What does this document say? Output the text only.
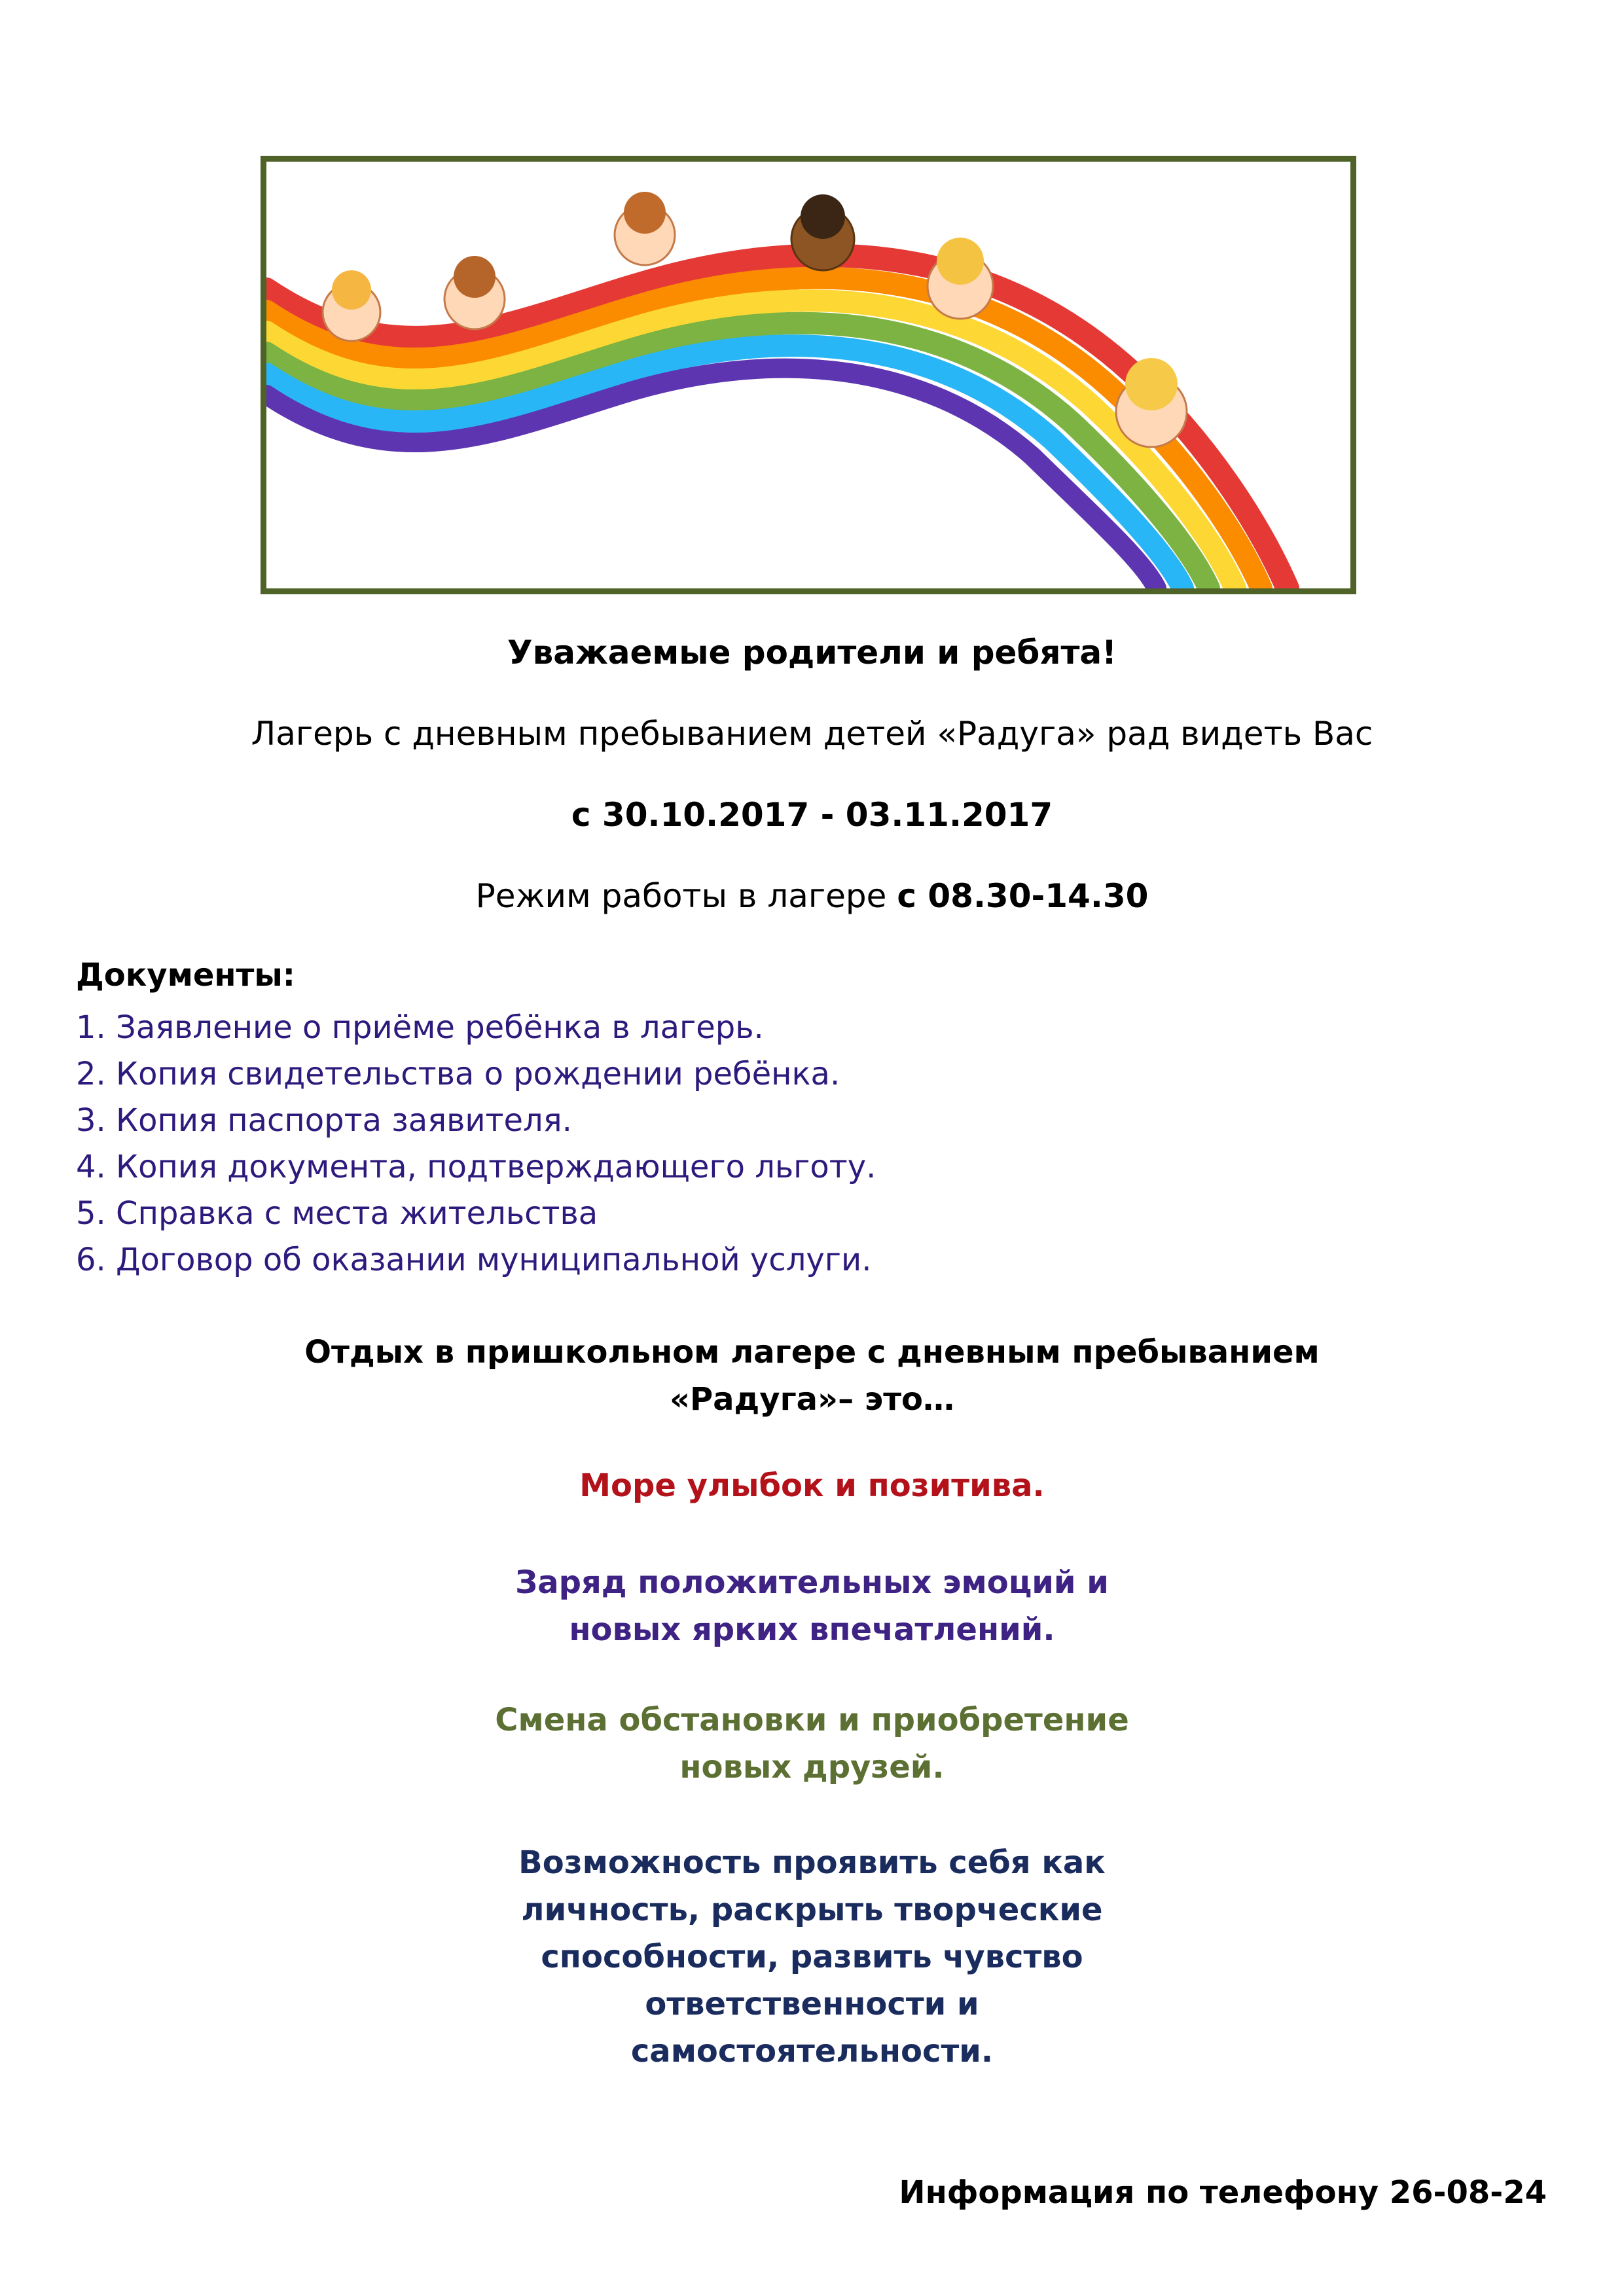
Уважаемые родители и ребята!
Лагерь с дневным пребыванием детей «Радуга» рад видеть Вас
с 30.10.2017 - 03.11.2017
Режим работы в лагере с 08.30-14.30
Документы:
1. Заявление о приёме ребёнка в лагерь.
2. Копия свидетельства о рождении ребёнка.
3. Копия паспорта заявителя.
4. Копия документа, подтверждающего льготу.
5. Справка с места жительства
6. Договор об оказании муниципальной услуги.
Отдых в пришкольном лагере с дневным пребыванием
«Радуга»– это…
Море улыбок и позитива.
Заряд положительных эмоций и
новых ярких впечатлений.
Смена обстановки и приобретение
новых друзей.
Возможность проявить себя как
личность, раскрыть творческие
способности, развить чувство
ответственности и
самостоятельности.
Информация по телефону 26-08-24
